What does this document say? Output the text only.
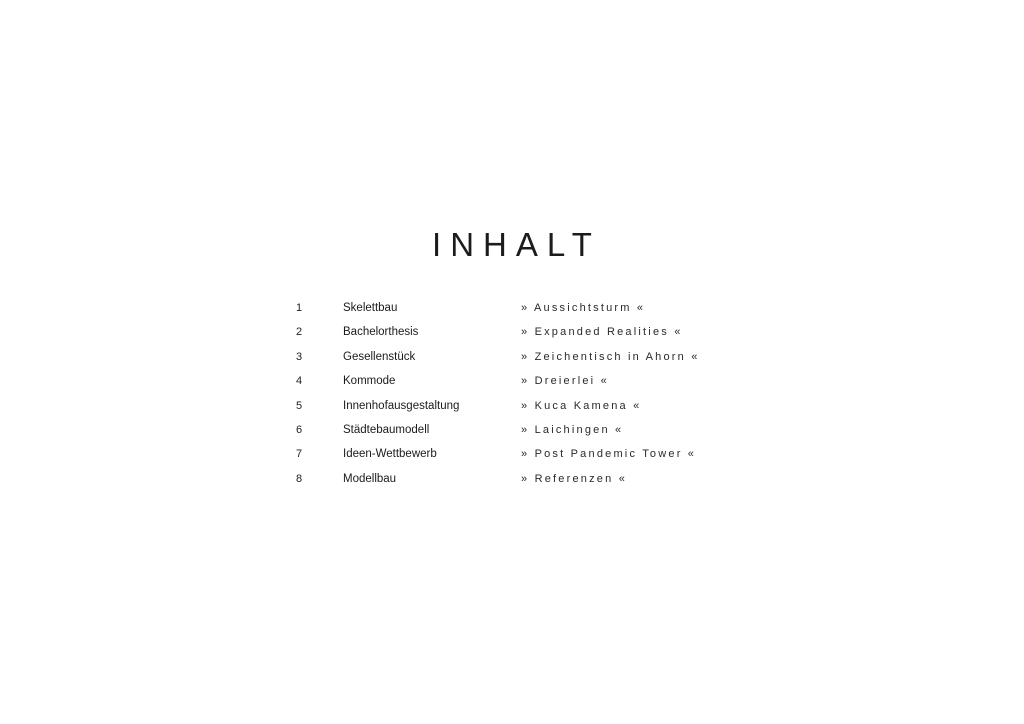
INHALT
1	Skelettbau	» Aussichtsturm «
2	Bachelorthesis	» Expanded Realities «
3	Gesellenstück	» Zeichentisch in Ahorn «
4	Kommode	» Dreierlei «
5	Innenhofausgestaltung	» Kuca Kamena «
6	Städtebaumodell	» Laichingen «
7	Ideen-Wettbewerb	» Post Pandemic Tower «
8	Modellbau	» Referenzen «
